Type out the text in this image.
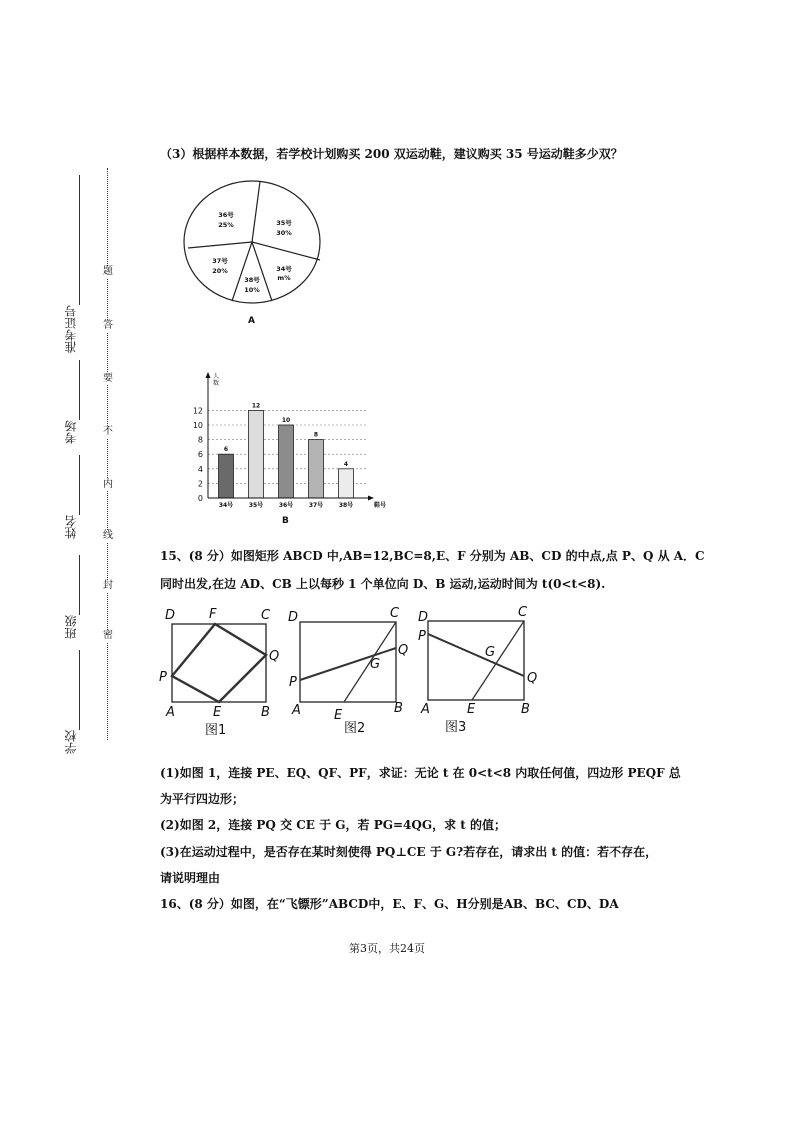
准考证号
考场
姓名
班级
学校
题
答
要
不
内
线
封
密
（3）根据样本数据，若学校计划购买 200 双运动鞋，建议购买 35 号运动鞋多少双？
36号
25%	35号
30%
34号
m%
38号
10%
37号
20%
A
0
2
4
6
8
10
12
6
34号
12
35号
10
36号
8
37号
4
38号
人数
鞋号
B
15、(8 分）如图矩形 ABCD 中,AB=12,BC=8,E、F 分别为 AB、CD 的中点,点 P、Q 从 A．C
同时出发,在边 AD、CB 上以每秒 1 个单位向 D、B 运动,运动时间为 t(0<t<8).
D	F	C
Q
P
A	E	B
图1
D	C
Q
G
P
A	E	B
图2
D	C
P
G
Q
A	E	B
图3
(1)如图 1，连接 PE、EQ、QF、PF，求证：无论 t 在 0<t<8 内取任何值，四边形 PEQF 总
为平行四边形；
(2)如图 2，连接 PQ 交 CE 于 G，若 PG=4QG，求 t 的值；
(3)在运动过程中，是否存在某时刻使得 PQ⊥CE 于 G?若存在，请求出 t 的值：若不存在，
请说明理由
16、(8 分）如图，在“飞镖形”ABCD中，E、F、G、H分别是AB、BC、CD、DA
第3页，共24页
